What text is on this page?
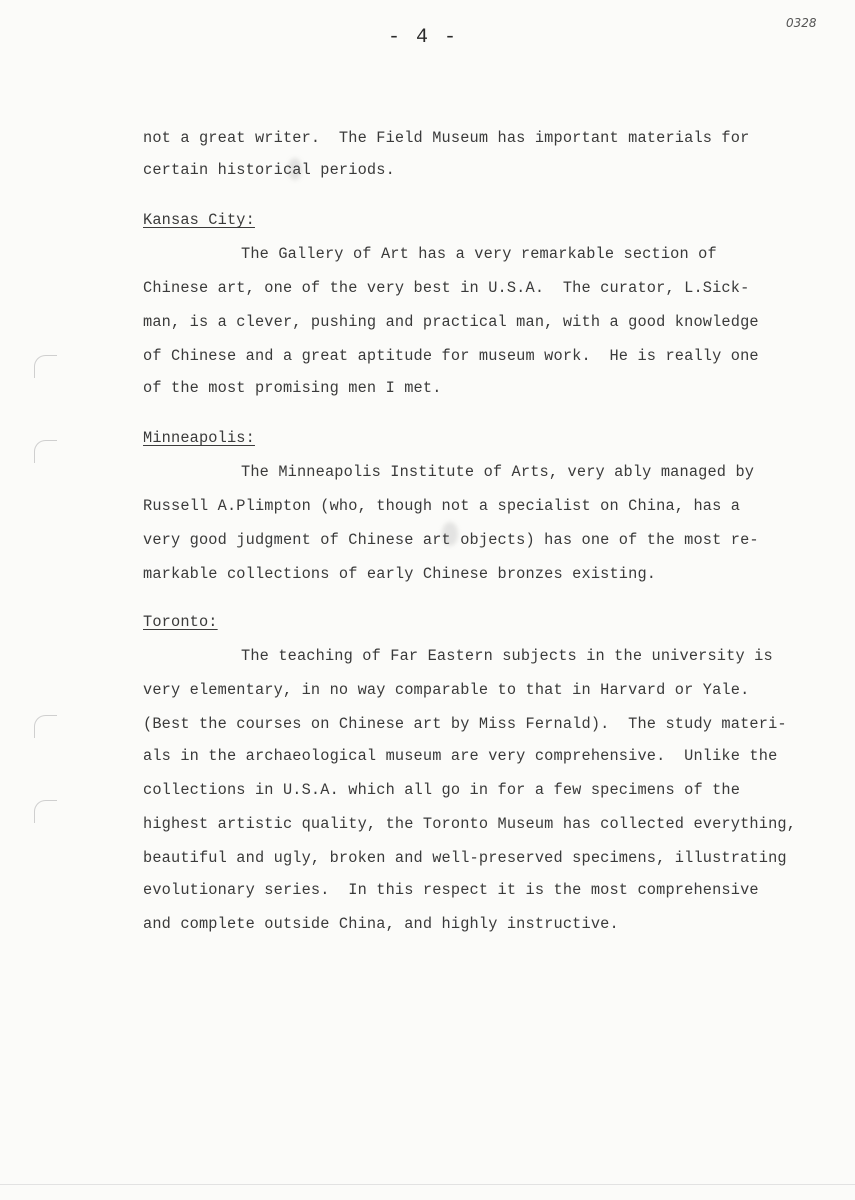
- 4 -
0328
not a great writer.  The Field Museum has important materials for
certain historical periods.
Kansas City:
The Gallery of Art has a very remarkable section of
Chinese art, one of the very best in U.S.A.  The curator, L.Sick-
man, is a clever, pushing and practical man, with a good knowledge
of Chinese and a great aptitude for museum work.  He is really one
of the most promising men I met.
Minneapolis:
The Minneapolis Institute of Arts, very ably managed by
Russell A.Plimpton (who, though not a specialist on China, has a
very good judgment of Chinese art objects) has one of the most re-
markable collections of early Chinese bronzes existing.
Toronto:
The teaching of Far Eastern subjects in the university is
very elementary, in no way comparable to that in Harvard or Yale.
(Best the courses on Chinese art by Miss Fernald).  The study materi-
als in the archaeological museum are very comprehensive.  Unlike the
collections in U.S.A. which all go in for a few specimens of the
highest artistic quality, the Toronto Museum has collected everything,
beautiful and ugly, broken and well-preserved specimens, illustrating
evolutionary series.  In this respect it is the most comprehensive
and complete outside China, and highly instructive.
